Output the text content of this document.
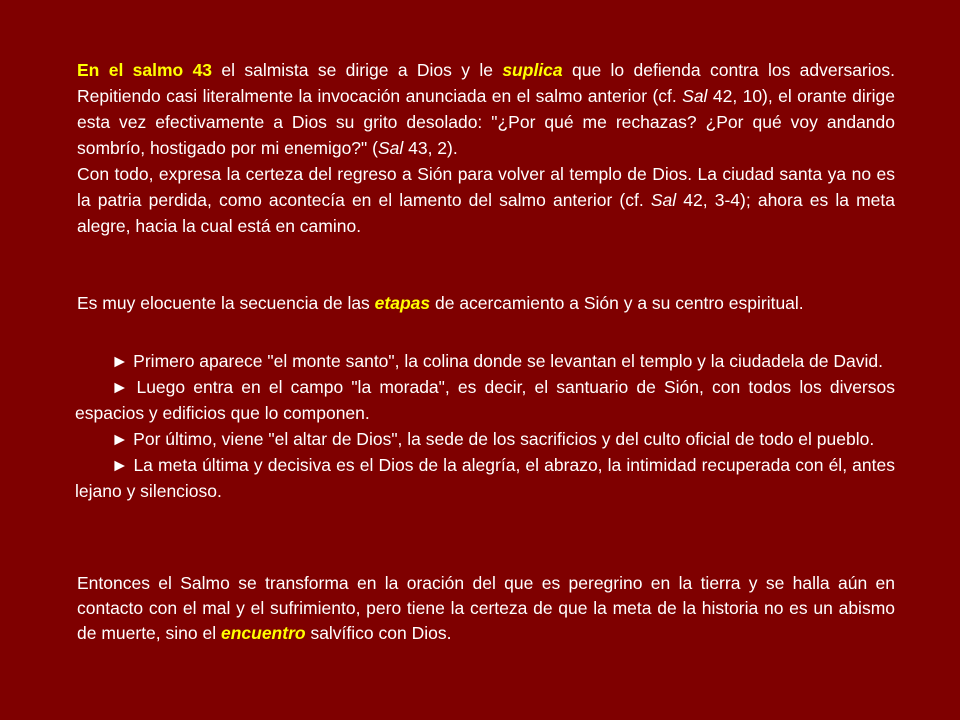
En el salmo 43 el salmista se dirige a Dios y le suplica que lo defienda contra los adversarios. Repitiendo casi literalmente la invocación anunciada en el salmo anterior (cf. Sal 42, 10), el orante dirige esta vez efectivamente a Dios su grito desolado: "¿Por qué me rechazas? ¿Por qué voy andando sombrío, hostigado por mi enemigo?" (Sal 43, 2).

Con todo, expresa la certeza del regreso a Sión para volver al templo de Dios. La ciudad santa ya no es la patria perdida, como acontecía en el lamento del salmo anterior (cf. Sal 42, 3-4); ahora es la meta alegre, hacia la cual está en camino.

Es muy elocuente la secuencia de las etapas de acercamiento a Sión y a su centro espiritual.

► Primero aparece "el monte santo", la colina donde se levantan el templo y la ciudadela de David.

► Luego entra en el campo "la morada", es decir, el santuario de Sión, con todos los diversos espacios y edificios que lo componen.

► Por último, viene "el altar de Dios", la sede de los sacrificios y del culto oficial de todo el pueblo.

► La meta última y decisiva es el Dios de la alegría, el abrazo, la intimidad recuperada con él, antes lejano y silencioso.

Entonces el Salmo se transforma en la oración del que es peregrino en la tierra y se halla aún en contacto con el mal y el sufrimiento, pero tiene la certeza de que la meta de la historia no es un abismo de muerte, sino el encuentro salvífico con Dios.
